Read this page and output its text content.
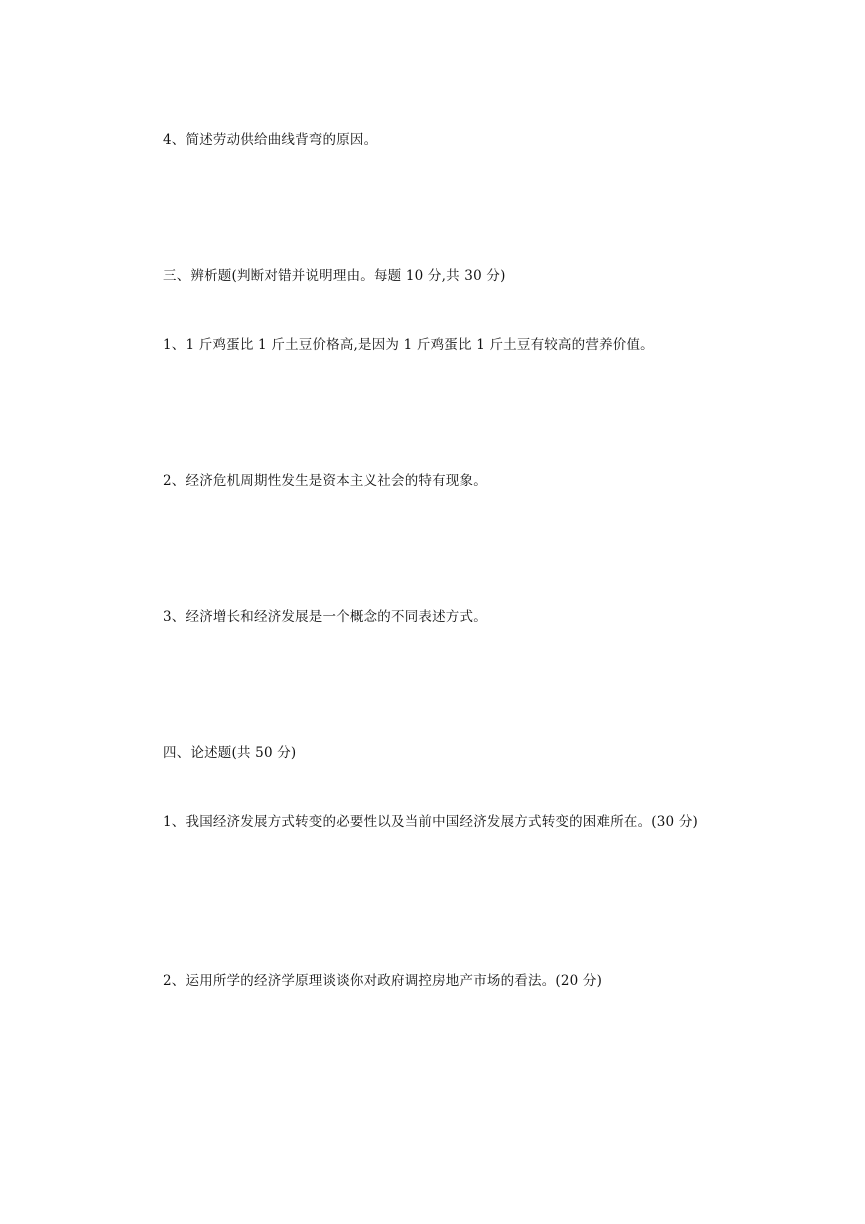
4、简述劳动供给曲线背弯的原因。
三、辨析题(判断对错并说明理由。每题 10 分,共 30 分)
1、1 斤鸡蛋比 1 斤土豆价格高,是因为 1 斤鸡蛋比 1 斤土豆有较高的营养价值。
2、经济危机周期性发生是资本主义社会的特有现象。
3、经济增长和经济发展是一个概念的不同表述方式。
四、论述题(共 50 分)
1、我国经济发展方式转变的必要性以及当前中国经济发展方式转变的困难所在。(30 分)
2、运用所学的经济学原理谈谈你对政府调控房地产市场的看法。(20 分)
